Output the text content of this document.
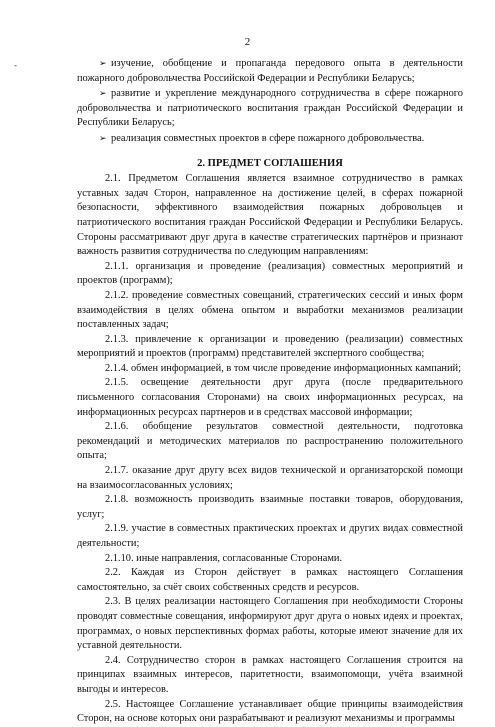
2
-	➢ изучение, обобщение и пропаганда передового опыта в деятельности пожарного добровольчества Российской Федерации и Республики Беларусь;

➢ развитие и укрепление международного сотрудничества в сфере пожарного добровольчества и патриотического воспитания граждан Российской Федерации и Республики Беларусь;

➢ реализация совместных проектов в сфере пожарного добровольчества.

2. ПРЕДМЕТ СОГЛАШЕНИЯ

2.1. Предметом Соглашения является взаимное сотрудничество в рамках уставных задач Сторон, направленное на достижение целей, в сферах пожарной безопасности, эффективного взаимодействия пожарных добровольцев и патриотического воспитания граждан Российской Федерации и Республики Беларусь. Стороны рассматривают друг друга в качестве стратегических партнёров и признают важность развития сотрудничества по следующим направлениям:

2.1.1. организация и проведение (реализация) совместных мероприятий и проектов (программ);

2.1.2. проведение совместных совещаний, стратегических сессий и иных форм взаимодействия в целях обмена опытом и выработки механизмов реализации поставленных задач;

2.1.3. привлечение к организации и проведению (реализации) совместных мероприятий и проектов (программ) представителей экспертного сообщества;

2.1.4. обмен информацией, в том числе проведение информационных кампаний;

2.1.5. освещение деятельности друг друга (после предварительного письменного согласования Сторонами) на своих информационных ресурсах, на информационных ресурсах партнеров и в средствах массовой информации;

2.1.6. обобщение результатов совместной деятельности, подготовка рекомендаций и методических материалов по распространению положительного опыта;

2.1.7. оказание друг другу всех видов технической и организаторской помощи на взаимосогласованных условиях;

2.1.8. возможность производить взаимные поставки товаров, оборудования, услуг;

2.1.9. участие в совместных практических проектах и других видах совместной деятельности;

2.1.10. иные направления, согласованные Сторонами.

2.2. Каждая из Сторон действует в рамках настоящего Соглашения самостоятельно, за счёт своих собственных средств и ресурсов.

2.3. В целях реализации настоящего Соглашения при необходимости Стороны проводят совместные совещания, информируют друг друга о новых идеях и проектах, программах, о новых перспективных формах работы, которые имеют значение для их уставной деятельности.

2.4. Сотрудничество сторон в рамках настоящего Соглашения строится на принципах взаимных интересов, паритетности, взаимопомощи, учёта взаимной выгоды и интересов.

2.5. Настоящее Соглашение устанавливает общие принципы взаимодействия Сторон, на основе которых они разрабатывают и реализуют механизмы и программы
